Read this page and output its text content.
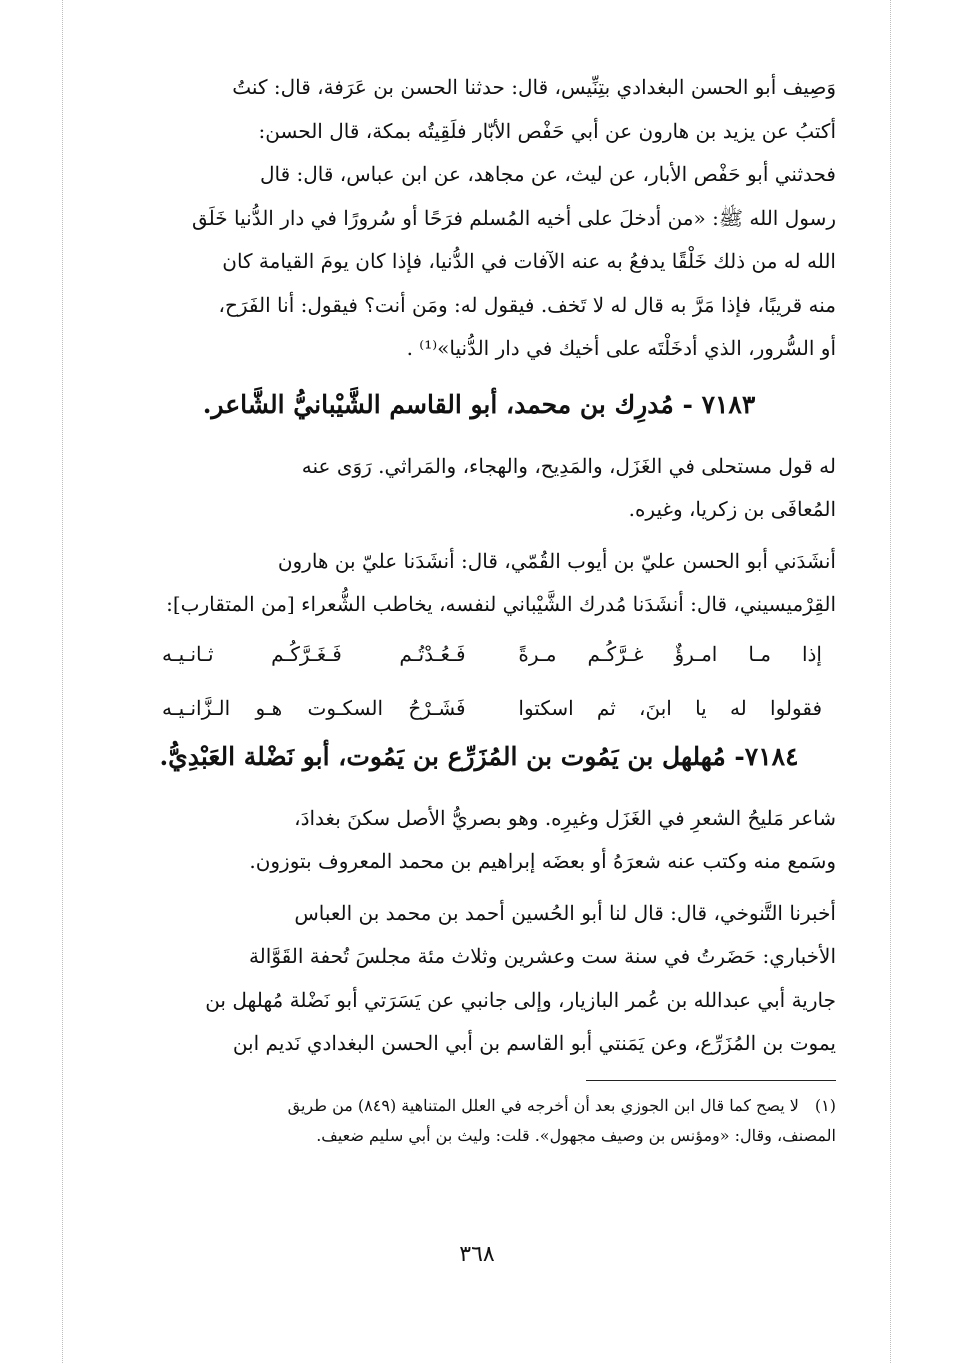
وَصِيف أبو الحسن البغدادي بتِنِّيس، قال: حدثنا الحسن بن عَرَفة، قال: كنتُ
أكتبُ عن يزيد بن هارون عن أبي حَفْص الأبّار فلَقِيتُه بمكة، قال الحسن:
فحدثني أبو حَفْص الأبار، عن ليث، عن مجاهد، عن ابن عباس، قال: قال
رسول الله ﷺ: «من أدخلَ على أخيه المُسلم فرَحًا أو سُرورًا في دار الدُّنيا خَلَق
الله له من ذلك خَلْقًا يدفعُ به عنه الآفات في الدُّنيا، فإذا كان يومَ القيامة كان
منه قريبًا، فإذا مَرَّ به قال له لا تَخف. فيقول له: ومَن أنت؟ فيقول: أنا الفَرَح،
أو السُّرور، الذي أدخَلْتَه على أخيك في دار الدُّنيا»⁽¹⁾ .
٧١٨٣ - مُدرِك بن محمد، أبو القاسم الشَّيْبانيُّ الشَّاعر.
له قول مستحلى في الغَزَل، والمَدِيح، والهجاء، والمَراثي. رَوَى عنه
المُعافَى بن زكريا، وغيره.
أنشَدَني أبو الحسن عليّ بن أيوب القُمّي، قال: أنشَدَنا عليّ بن هارون
القِرْميسيني، قال: أنشَدَنا مُدرك الشَّيْباني لنفسه، يخاطب الشُّعراء [من المتقارب]:
إذا مـا امـرؤٌ غـرَّكُـم مـرةً
فَـعُـدْتُـم فَـغَـرَّكُـم ثـانـيـه
فقولوا له يا ابنَ، ثم اسكتوا
فَشَـرْحُ السكـوت هـو الـزَّانـيـه
٧١٨٤- مُهلهل بن يَمُوت بن المُزَرِّع بن يَمُوت، أبو نَضْلة العَبْدِيُّ.
شاعر مَليحُ الشعرِ في الغَزَل وغيرِه. وهو بصريُّ الأصل سكنَ بغدادَ،
وسَمع منه وكتب عنه شعرَهُ أو بعضَه إبراهيم بن محمد المعروف بتوزون.
أخبرنا التَّنوخي، قال: قال لنا أبو الحُسين أحمد بن محمد بن العباس
الأخباري: حَضَرتُ في سنة ست وعشرين وثلاث مئة مجلسَ تُحفة القَوَّالة
جارية أبي عبدالله بن عُمر البازيار، وإلى جانبي عن يَسَرَتي أبو نَضْلة مُهلهل بن
يموت بن المُزَرِّع، وعن يَمَنتي أبو القاسم بن أبي الحسن البغدادي نَديم ابن
(١)لا يصح كما قال ابن الجوزي بعد أن أخرجه في العلل المتناهية (٨٤٩) من طريق
المصنف، وقال: «ومؤنس بن وصيف مجهول». قلت: وليث بن أبي سليم ضعيف.
٣٦٨
